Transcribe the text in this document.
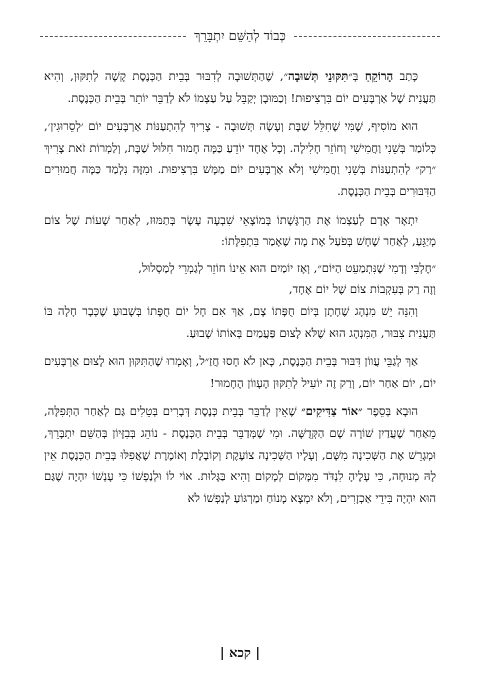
כְּבוֹד לְהַשֵּׁם יִתְבָּרֵךְ

כָּתַב הָרוֹקֵחַ בְּ״תִּקּוּנֵי תְּשׁוּבָה״, שֶׁהַתְּשׁוּבָה לְדִבּוּר בְּבֵית הַכְּנֶסֶת קָשָׁה לְתִקּוּן, וְהִיא תַּעֲנִית שֶׁל אַרְבָּעִים יוֹם בִּרְצִיפוּת! וְכַמּוּבָן יְקַבֵּל עַל עַצְמוֹ לֹא לְדַבֵּר יוֹתֵר בְּבֵית הַכְּנֶסֶת.

הוּא מוֹסִיף, שֶׁמִּי שֶׁחִלֵּל שַׁבָּת וְעָשָׂה תְּשׁוּבָה - צָרִיךְ לְהִתְעַנּוֹת אַרְבָּעִים יוֹם ׳לְסֵרוּגִין׳, כְּלוֹמַר בְּשֵׁנִי וַחֲמִישִׁי וְחוֹזֵר חָלִילָה. וְכָל אֶחָד יוֹדֵעַ כַּמָּה חָמוּר חִלּוּל שַׁבָּת, וְלַמְרוֹת זֹאת צָרִיךְ ״רַק״ לְהִתְעַנּוֹת בְּשֵׁנִי וַחֲמִישִׁי וְלֹא אַרְבָּעִים יוֹם מַמָּשׁ בִּרְצִיפוּת. וּמִזֶּה נִלְמַד כַּמָּה חֲמוּרִים הַדִּבּוּרִים בְּבֵית הַכְּנֶסֶת.

יִתְאָר אָדָם לְעַצְמוֹ אֶת הַרְגָּשָׁתוֹ בְּמוֹצָאֵי שִׁבְעָה עָשָׂר בְּתַמּוּז, לְאַחַר שָׁעוֹת שֶׁל צוֹם מְיַגֵּעַ, לְאַחַר שֶׁחָשׁ בְּפֹעַל אֶת מָה שֶׁאָמַר בִּתְפִלָּתוֹ:

״חֶלְבִּי וְדָמִי שֶׁנִּתְמַעֵט הַיּוֹם״, וְאָז יוֹמַיִם הוּא אֵינוֹ חוֹזֵר לְגַמְרֵי לְמַסְלוּל,

וְזֶה רַק בְּעִקְבוֹת צוֹם שֶׁל יוֹם אֶחָד,

וְהִנֵּה יֵשׁ מִנְהָג שֶׁחָתָן בְּיוֹם חֻפָּתוֹ צָם, אַךְ אִם חָל יוֹם חֻפָּתוֹ בְּשָׁבוּעַ שֶׁכְּבָר חָלָה בּוֹ תַּעֲנִית צִבּוּר, הַמִּנְהָג הוּא שֶׁלֹּא לָצוּם פַּעֲמַיִם בְּאוֹתוֹ שָׁבוּעַ.

אַךְ לְגַבֵּי עֲווֹן דִּבּוּר בְּבֵית הַכְּנֶסֶת, כָּאן לֹא חָסוּ חֲזַ״ל, וְאָמְרוּ שֶׁהַתִּקּוּן הוּא לָצוּם אַרְבָּעִים יוֹם, יוֹם אַחַר יוֹם, וְרַק זֶה יוֹעִיל לְתִקּוּן הֶעָווֹן הֶחָמוּר!

הוּבָא בְּסֵפֶר ״אוֹר צַדִּיקִים״ שֶׁאֵין לְדַבֵּר בְּבֵית כְּנֶסֶת דְּבָרִים בְּטֵלִים גַּם לְאַחַר הַתְּפִלָּה, מֵאַחַר שֶׁעֲדַיִן שׁוֹרָה שָׁם הַקְּדֻשָּׁה. וּמִי שֶׁמְּדַבֵּר בְּבֵית הַכְּנֶסֶת - נוֹהֵג בְּבִזָּיוֹן בְּהַשֵּׁם יִתְבָּרֵךְ, וּמְגָרֵשׁ אֶת הַשְּׁכִינָה מִשָּׁם, וְעָלָיו הַשְּׁכִינָה צוֹעֶקֶת וְקוֹבֶלֶת וְאוֹמֶרֶת שֶׁאֲפִלּוּ בְּבֵית הַכְּנֶסֶת אֵין לָהּ מְנוּחָה, כִּי עָלֶיהָ לִנְדֹּד מִמָּקוֹם לְמָקוֹם וְהִיא בַּגָּלוּת. אוֹי לוֹ וּלְנַפְשׁוֹ כִּי עָנְשׁוֹ יִהְיֶה שֶׁגַּם הוּא יִהְיֶה בִּידֵי אַכְזָרִים, וְלֹא יִמְצָא מָנוֹחַ וּמַרְגּוֹעַ לְנַפְשׁוֹ לֹא

| קכא |
